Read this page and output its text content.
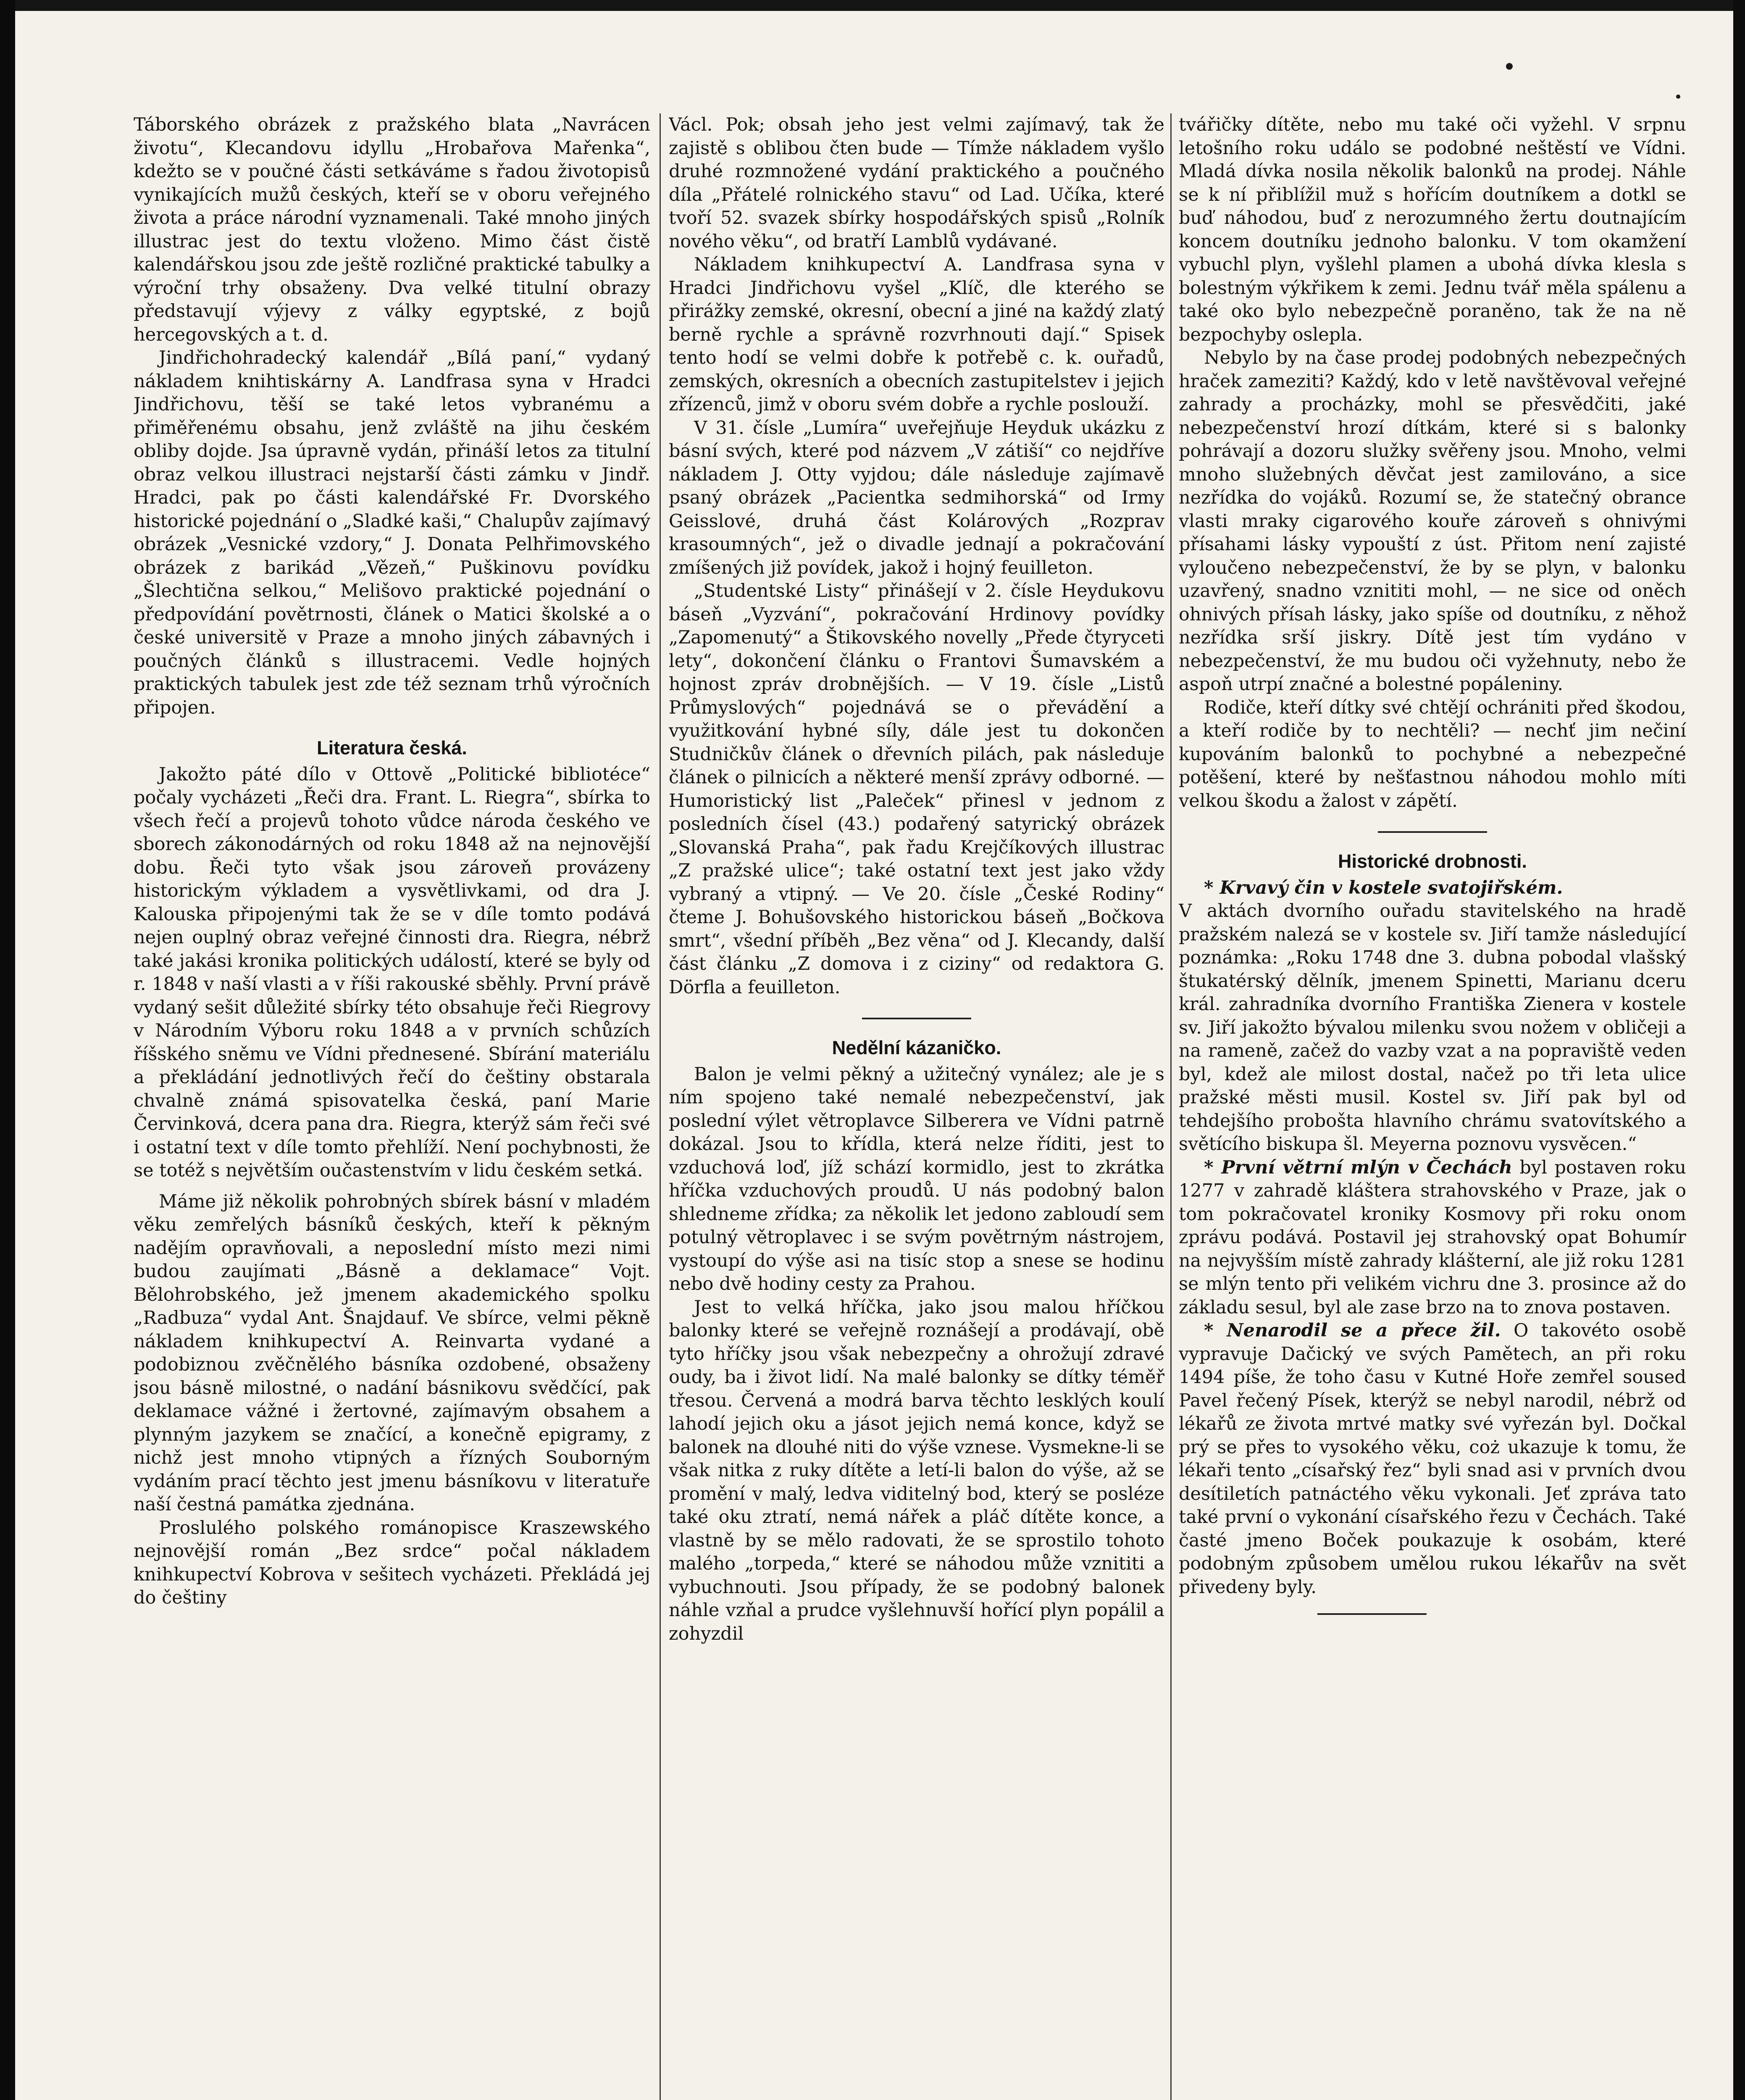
Táborského obrázek z pražského blata „Navrácen životu“, Klecandovu idyllu „Hrobařova Mařenka“, kdežto se v poučné části setkáváme s řadou životopisů vynikajících mužů českých, kteří se v oboru veřejného života a práce národní vyznamenali. Také mnoho jiných illustrac jest do textu vloženo. Mimo část čistě kalendářskou jsou zde ještě rozličné praktické tabulky a výroční trhy obsaženy. Dva velké titulní obrazy představují výjevy z války egyptské, z bojů hercegovských a t. d.

Jindřichohradecký kalendář „Bílá paní,“ vydaný nákladem knihtiskárny A. Landfrasa syna v Hradci Jindřichovu, těší se také letos vybranému a přiměřenému obsahu, jenž zvláště na jihu českém obliby dojde. Jsa úpravně vydán, přináší letos za titulní obraz velkou illustraci nejstarší části zámku v Jindř. Hradci, pak po části kalendářské Fr. Dvorského historické pojednání o „Sladké kaši,“ Chalupův zajímavý obrázek „Vesnické vzdory,“ J. Donata Pelhřimovského obrázek z barikád „Vězeň,“ Puškinovu povídku „Šlechtična selkou,“ Melišovo praktické pojednání o předpovídání povětrnosti, článek o Matici školské a o české universitě v Praze a mnoho jiných zábavných i poučných článků s illustracemi. Vedle hojných praktických tabulek jest zde též seznam trhů výročních připojen.

Literatura česká.

Jakožto páté dílo v Ottově „Politické bibliotéce“ počaly vycházeti „Řeči dra. Frant. L. Riegra“, sbírka to všech řečí a projevů tohoto vůdce národa českého ve sborech zákonodárných od roku 1848 až na nejnovější dobu. Řeči tyto však jsou zároveň provázeny historickým výkladem a vysvětlivkami, od dra J. Kalouska připojenými tak že se v díle tomto podává nejen ouplný obraz veřejné činnosti dra. Riegra, nébrž také jakási kronika politických událostí, které se byly od r. 1848 v naší vlasti a v říši rakouské sběhly. První právě vydaný sešit důležité sbírky této obsahuje řeči Riegrovy v Národním Výboru roku 1848 a v prvních schůzích říšského sněmu ve Vídni přednesené. Sbírání materiálu a překládání jednotlivých řečí do češtiny obstarala chvalně známá spisovatelka česká, paní Marie Červinková, dcera pana dra. Riegra, kterýž sám řeči své i ostatní text v díle tomto přehlíží. Není pochybnosti, že se totéž s největším oučastenstvím v lidu českém setká.

Máme již několik pohrobných sbírek básní v mladém věku zemřelých básníků českých, kteří k pěkným nadějím opravňovali, a neposlední místo mezi nimi budou zaujímati „Básně a deklamace“ Vojt. Bělohrobského, jež jmenem akademického spolku „Radbuza“ vydal Ant. Šnajdauf. Ve sbírce, velmi pěkně nákladem knihkupectví A. Reinvarta vydané a podobiznou zvěčnělého básníka ozdobené, obsaženy jsou básně milostné, o nadání básnikovu svědčící, pak deklamace vážné i žertovné, zajímavým obsahem a plynným jazykem se značící, a konečně epigramy, z nichž jest mnoho vtipných a řízných Souborným vydáním prací těchto jest jmenu básníkovu v literatuře naší čestná památka zjednána.

Proslulého polského románopisce Kraszewského nejnovější román „Bez srdce“ počal nákladem knihkupectví Kobrova v sešitech vycházeti. Překládá jej do češtiny

Václ. Pok; obsah jeho jest velmi zajímavý, tak že zajistě s oblibou čten bude — Tímže nákladem vyšlo druhé rozmnožené vydání praktického a poučného díla „Přátelé rolnického stavu“ od Lad. Učíka, které tvoří 52. svazek sbírky hospodářských spisů „Rolník nového věku“, od bratří Lamblů vydávané.

Nákladem knihkupectví A. Landfrasa syna v Hradci Jindřichovu vyšel „Klíč, dle kterého se přirážky zemské, okresní, obecní a jiné na každý zlatý berně rychle a správně rozvrhnouti dají.“ Spisek tento hodí se velmi dobře k potřebě c. k. ouřadů, zemských, okresních a obecních zastupitelstev i jejich zřízenců, jimž v oboru svém dobře a rychle poslouží.

V 31. čísle „Lumíra“ uveřejňuje Heyduk ukázku z básní svých, které pod názvem „V zátiší“ co nejdříve nákladem J. Otty vyjdou; dále následuje zajímavě psaný obrázek „Pacientka sedmihorská“ od Irmy Geisslové, druhá část Kolárových „Rozprav krasoumných“, jež o divadle jednají a pokračování zmíšených již povídek, jakož i hojný feuilleton.

„Studentské Listy“ přinášejí v 2. čísle Heydukovu báseň „Vyzvání“, pokračování Hrdinovy povídky „Zapomenutý“ a Štikovského novelly „Přede čtyryceti lety“, dokončení článku o Frantovi Šumavském a hojnost zpráv drobnějších. — V 19. čísle „Listů Průmyslových“ pojednává se o převádění a využitkování hybné síly, dále jest tu dokončen Studničkův článek o dřevních pilách, pak následuje článek o pilnicích a některé menší zprávy odborné. — Humoristický list „Paleček“ přinesl v jednom z posledních čísel (43.) podařený satyrický obrázek „Slovanská Praha“, pak řadu Krejčíkových illustrac „Z pražské ulice“; také ostatní text jest jako vždy vybraný a vtipný. — Ve 20. čísle „České Rodiny“ čteme J. Bohušovského historickou báseň „Bočkova smrt“, všední příběh „Bez věna“ od J. Klecandy, další část článku „Z domova i z ciziny“ od redaktora G. Dörfla a feuilleton.

Nedělní kázaničko.

Balon je velmi pěkný a užitečný vynález; ale je s ním spojeno také nemalé nebezpečenství, jak poslední výlet větroplavce Silberera ve Vídni patrně dokázal. Jsou to křídla, která nelze říditi, jest to vzduchová loď, jíž schází kormidlo, jest to zkrátka hříčka vzduchových proudů. U nás podobný balon shledneme zřídka; za několik let jedono zabloudí sem potulný větroplavec i se svým povětrným nástrojem, vystoupí do výše asi na tisíc stop a snese se hodinu nebo dvě hodiny cesty za Prahou.

Jest to velká hříčka, jako jsou malou hříčkou balonky které se veřejně roznášejí a prodávají, obě tyto hříčky jsou však nebezpečny a ohrožují zdravé oudy, ba i život lidí. Na malé balonky se dítky téměř třesou. Červená a modrá barva těchto lesklých koulí lahodí jejich oku a jásot jejich nemá konce, když se balonek na dlouhé niti do výše vznese. Vysmekne-li se však nitka z ruky dítěte a letí-li balon do výše, až se promění v malý, ledva viditelný bod, který se posléze také oku ztratí, nemá nářek a pláč dítěte konce, a vlastně by se mělo radovati, že se sprostilo tohoto malého „torpeda,“ které se náhodou může vznititi a vybuchnouti. Jsou případy, že se podobný balonek náhle vzňal a prudce vyšlehnuvší hořící plyn popálil a zohyzdil

tvářičky dítěte, nebo mu také oči vyžehl. V srpnu letošního roku událo se podobné neštěstí ve Vídni. Mladá dívka nosila několik balonků na prodej. Náhle se k ní přiblížil muž s hořícím doutníkem a dotkl se buď náhodou, buď z nerozumného žertu doutnajícím koncem doutníku jednoho balonku. V tom okamžení vybuchl plyn, vyšlehl plamen a ubohá dívka klesla s bolestným výkřikem k zemi. Jednu tvář měla spálenu a také oko bylo nebezpečně poraněno, tak že na ně bezpochyby oslepla.

Nebylo by na čase prodej podobných nebezpečných hraček zameziti? Každý, kdo v letě navštěvoval veřejné zahrady a procházky, mohl se přesvědčiti, jaké nebezpečenství hrozí dítkám, které si s balonky pohrávají a dozoru služky svěřeny jsou. Mnoho, velmi mnoho služebných děvčat jest zamilováno, a sice nezřídka do vojáků. Rozumí se, že statečný obrance vlasti mraky cigarového kouře zároveň s ohnivými přísahami lásky vypouští z úst. Přitom není zajisté vyloučeno nebezpečenství, že by se plyn, v balonku uzavřený, snadno vznititi mohl, — ne sice od oněch ohnivých přísah lásky, jako spíše od doutníku, z něhož nezřídka srší jiskry. Dítě jest tím vydáno v nebezpečenství, že mu budou oči vyžehnuty, nebo že aspoň utrpí značné a bolestné popáleniny.

Rodiče, kteří dítky své chtějí ochrániti před škodou, a kteří rodiče by to nechtěli? — nechť jim nečiní kupováním balonků to pochybné a nebezpečné potěšení, které by nešťastnou náhodou mohlo míti velkou škodu a žalost v zápětí.

Historické drobnosti.

* Krvavý čin v kostele svatojiřském.

V aktách dvorního ouřadu stavitelského na hradě pražském nalezá se v kostele sv. Jiří tamže následující poznámka: „Roku 1748 dne 3. dubna pobodal vlašský štukatérský dělník, jmenem Spinetti, Marianu dceru král. zahradníka dvorního Františka Zienera v kostele sv. Jiří jakožto bývalou milenku svou nožem v obličeji a na rameně, začež do vazby vzat a na popraviště veden byl, kdež ale milost dostal, načež po tři leta ulice pražské městi musil. Kostel sv. Jiří pak byl od tehdejšího proboštа hlavního chrámu svatovítského a světícího biskupa šl. Meyerna poznovu vysvěcen.“

* První větrní mlýn v Čechách byl postaven roku 1277 v zahradě kláštera strahovského v Praze, jak o tom pokračovatel kroniky Kosmovy při roku onom zprávu podává. Postavil jej strahovský opat Bohumír na nejvyšším místě zahrady klášterní, ale již roku 1281 se mlýn tento při velikém vichru dne 3. prosince až do základu sesul, byl ale zase brzo na to znova postaven.

* Nenarodil se a přece žil. O takovéto osobě vypravuje Dačický ve svých Pamětech, an při roku 1494 píše, že toho času v Kutné Hoře zemřel soused Pavel řečený Písek, kterýž se nebyl narodil, nébrž od lékařů ze života mrtvé matky své vyřezán byl. Dočkal prý se přes to vysokého věku, coż ukazuje k tomu, že lékaři tento „císařský řez“ byli snad asi v prvních dvou desítiletích patnáctého věku vykonali. Jeť zpráva tato také první o vykonání císařského řezu v Čechách. Také časté jmeno Boček poukazuje k osobám, které podobným způsobem umělou rukou lékařův na svět přivedeny byly.
